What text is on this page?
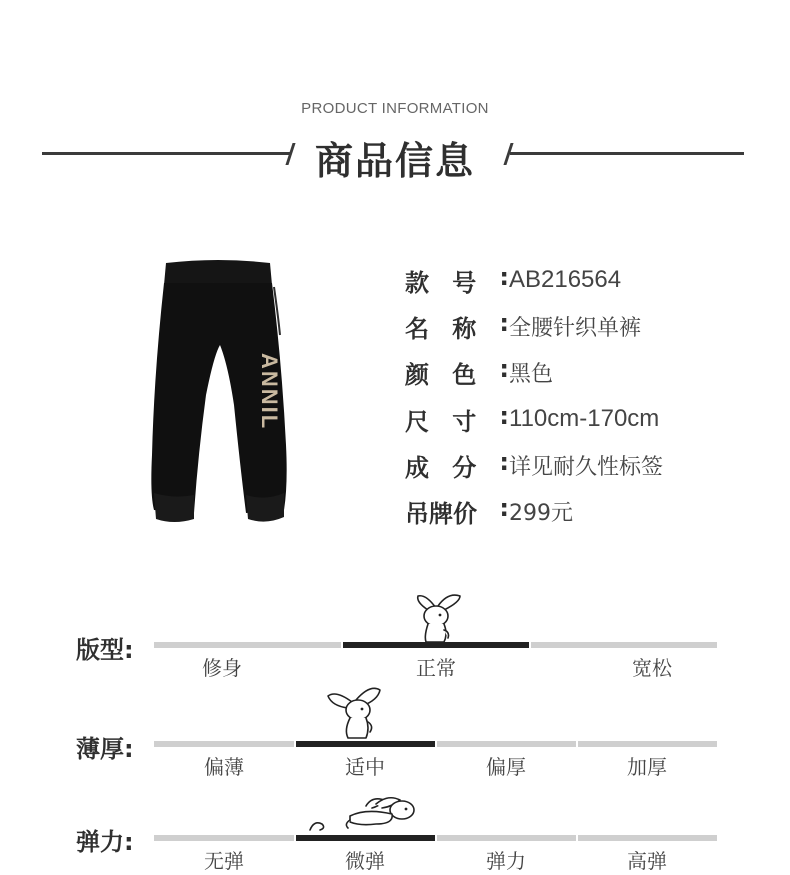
PRODUCT INFORMATION
商品信息
ANNIL
款 号 : AB216564
名 称 : 全腰针织单裤
颜 色 : 黑色
尺 寸 : 110cm-170cm
成 分 : 详见耐久性标签
吊牌价 : 299元
版型:
修身	正常	宽松
薄厚:
偏薄	适中	偏厚	加厚
弹力:
无弹	微弹	弹力	高弹
